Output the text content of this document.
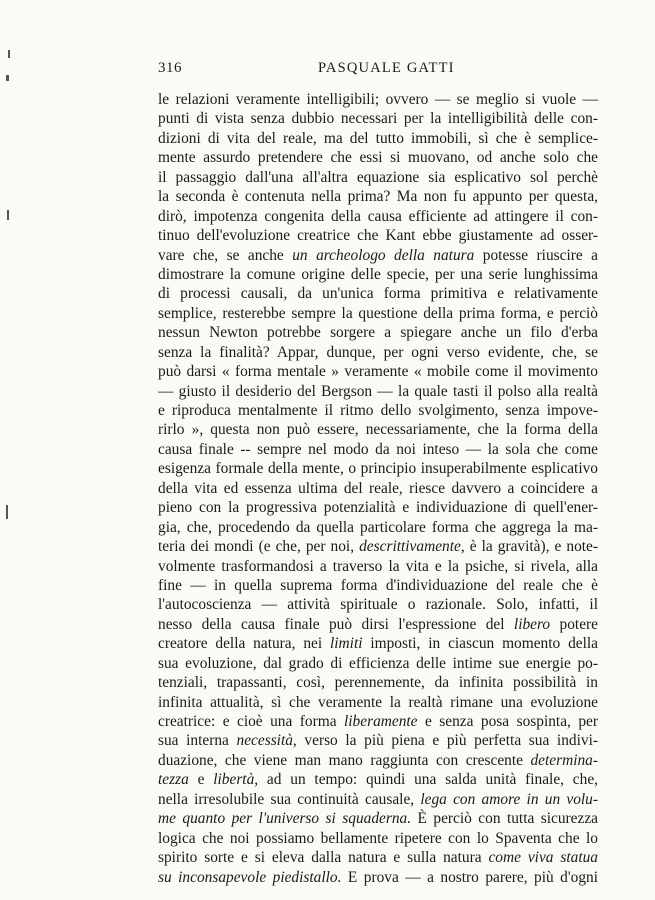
316	PASQUALE GATTI
le relazioni veramente intelligibili; ovvero — se meglio si vuole —
punti di vista senza dubbio necessari per la intelligibilità delle con-
dizioni di vita del reale, ma del tutto immobili, sì che è semplice-
mente assurdo pretendere che essi si muovano, od anche solo che
il passaggio dall'una all'altra equazione sia esplicativo sol perchè
la seconda è contenuta nella prima? Ma non fu appunto per questa,
dirò, impotenza congenita della causa efficiente ad attingere il con-
tinuo dell'evoluzione creatrice che Kant ebbe giustamente ad osser-
vare che, se anche un archeologo della natura potesse riuscire a
dimostrare la comune origine delle specie, per una serie lunghissima
di processi causali, da un'unica forma primitiva e relativamente
semplice, resterebbe sempre la questione della prima forma, e perciò
nessun Newton potrebbe sorgere a spiegare anche un filo d'erba
senza la finalità? Appar, dunque, per ogni verso evidente, che, se
può darsi « forma mentale » veramente « mobile come il movimento
— giusto il desiderio del Bergson — la quale tasti il polso alla realtà
e riproduca mentalmente il ritmo dello svolgimento, senza impove-
rirlo », questa non può essere, necessariamente, che la forma della
causa finale -- sempre nel modo da noi inteso — la sola che come
esigenza formale della mente, o principio insuperabilmente esplicativo
della vita ed essenza ultima del reale, riesce davvero a coincidere a
pieno con la progressiva potenzialità e individuazione di quell'ener-
gia, che, procedendo da quella particolare forma che aggrega la ma-
teria dei mondi (e che, per noi, descrittivamente, è la gravità), e note-
volmente trasformandosi a traverso la vita e la psiche, si rivela, alla
fine — in quella suprema forma d'individuazione del reale che è
l'autocoscienza — attività spirituale o razionale. Solo, infatti, il
nesso della causa finale può dirsi l'espressione del libero potere
creatore della natura, nei limiti imposti, in ciascun momento della
sua evoluzione, dal grado di efficienza delle intime sue energie po-
tenziali, trapassanti, così, perennemente, da infinita possibilità in
infinita attualità, sì che veramente la realtà rimane una evoluzione
creatrice: e cioè una forma liberamente e senza posa sospinta, per
sua interna necessità, verso la più piena e più perfetta sua indivi-
duazione, che viene man mano raggiunta con crescente determina-
tezza e libertà, ad un tempo: quindi una salda unità finale, che,
nella irresolubile sua continuità causale, lega con amore in un volu-
me quanto per l'universo si squaderna. È perciò con tutta sicurezza
logica che noi possiamo bellamente ripetere con lo Spaventa che lo
spirito sorte e si eleva dalla natura e sulla natura come viva statua
su inconsapevole piedistallo. E prova — a nostro parere, più d'ogni
